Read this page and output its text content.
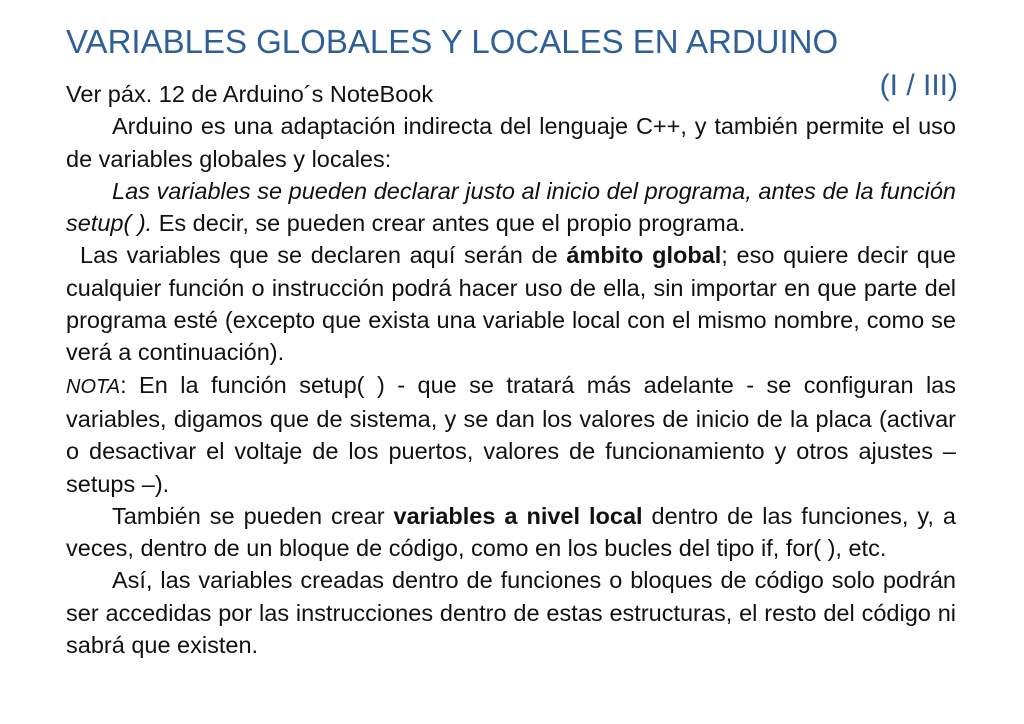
VARIABLES GLOBALES Y LOCALES EN ARDUINO
(I / III)
Ver páx. 12 de Arduino´s NoteBook

Arduino es una adaptación indirecta del lenguaje C++, y también permite el uso de variables globales y locales:

Las variables se pueden declarar justo al inicio del programa, antes de la función setup( ). Es decir, se pueden crear antes que el propio programa.

Las variables que se declaren aquí serán de ámbito global; eso quiere decir que cualquier función o instrucción podrá hacer uso de ella, sin importar en que parte del programa esté (excepto que exista una variable local con el mismo nombre, como se verá a continuación).

NOTA: En la función setup( ) - que se tratará más adelante - se configuran las variables, digamos que de sistema, y se dan los valores de inicio de la placa (activar o desactivar el voltaje de los puertos, valores de funcionamiento y otros ajustes – setups –).

También se pueden crear variables a nivel local dentro de las funciones, y, a veces, dentro de un bloque de código, como en los bucles del tipo if, for( ), etc.

Así, las variables creadas dentro de funciones o bloques de código solo podrán ser accedidas por las instrucciones dentro de estas estructuras, el resto del código ni sabrá que existen.
